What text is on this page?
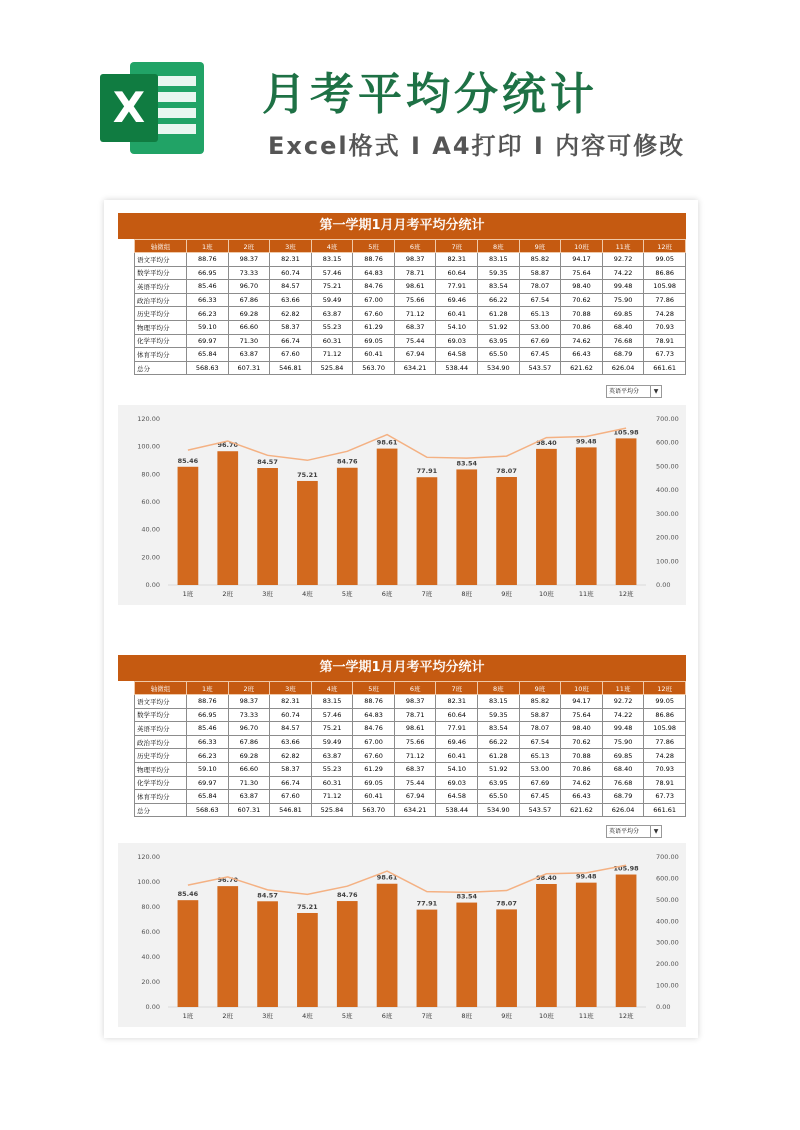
X	月考平均分统计
Excel格式 I A4打印 I 内容可修改
第一学期1月月考平均分统计
轴微组	1班	2班	3班	4班	5班	6班	7班	8班	9班	10班	11班	12班
语文平均分	88.76	98.37	82.31	83.15	88.76	98.37	82.31	83.15	85.82	94.17	92.72	99.05
数学平均分	66.95	73.33	60.74	57.46	64.83	78.71	60.64	59.35	58.87	75.64	74.22	86.86
英语平均分	85.46	96.70	84.57	75.21	84.76	98.61	77.91	83.54	78.07	98.40	99.48	105.98
政治平均分	66.33	67.86	63.66	59.49	67.00	75.66	69.46	66.22	67.54	70.62	75.90	77.86
历史平均分	66.23	69.28	62.82	63.87	67.60	71.12	60.41	61.28	65.13	70.88	69.85	74.28
物理平均分	59.10	66.60	58.37	55.23	61.29	68.37	54.10	51.92	53.00	70.86	68.40	70.93
化学平均分	69.97	71.30	66.74	60.31	69.05	75.44	69.03	63.95	67.69	74.62	76.68	78.91
体育平均分	65.84	63.87	67.60	71.12	60.41	67.94	64.58	65.50	67.45	66.43	68.79	67.73
总分	568.63	607.31	546.81	525.84	563.70	634.21	538.44	534.90	543.57	621.62	626.04	661.61
英语平均分	▼
0.00
20.00
40.00
60.00
80.00
100.00
120.00
0.00
100.00
200.00
300.00
400.00
500.00
600.00
700.00
85.46
1班
96.70
2班
84.57
3班
75.21
4班
84.76
5班
98.61
6班
77.91
7班
83.54
8班
78.07
9班
98.40
10班
99.48
11班
105.98
12班
第一学期1月月考平均分统计
轴微组	1班	2班	3班	4班	5班	6班	7班	8班	9班	10班	11班	12班
语文平均分	88.76	98.37	82.31	83.15	88.76	98.37	82.31	83.15	85.82	94.17	92.72	99.05
数学平均分	66.95	73.33	60.74	57.46	64.83	78.71	60.64	59.35	58.87	75.64	74.22	86.86
英语平均分	85.46	96.70	84.57	75.21	84.76	98.61	77.91	83.54	78.07	98.40	99.48	105.98
政治平均分	66.33	67.86	63.66	59.49	67.00	75.66	69.46	66.22	67.54	70.62	75.90	77.86
历史平均分	66.23	69.28	62.82	63.87	67.60	71.12	60.41	61.28	65.13	70.88	69.85	74.28
物理平均分	59.10	66.60	58.37	55.23	61.29	68.37	54.10	51.92	53.00	70.86	68.40	70.93
化学平均分	69.97	71.30	66.74	60.31	69.05	75.44	69.03	63.95	67.69	74.62	76.68	78.91
体育平均分	65.84	63.87	67.60	71.12	60.41	67.94	64.58	65.50	67.45	66.43	68.79	67.73
总分	568.63	607.31	546.81	525.84	563.70	634.21	538.44	534.90	543.57	621.62	626.04	661.61
英语平均分	▼
0.00
20.00
40.00
60.00
80.00
100.00
120.00
0.00
100.00
200.00
300.00
400.00
500.00
600.00
700.00
85.46
1班
96.70
2班
84.57
3班
75.21
4班
84.76
5班
98.61
6班
77.91
7班
83.54
8班
78.07
9班
98.40
10班
99.48
11班
105.98
12班
